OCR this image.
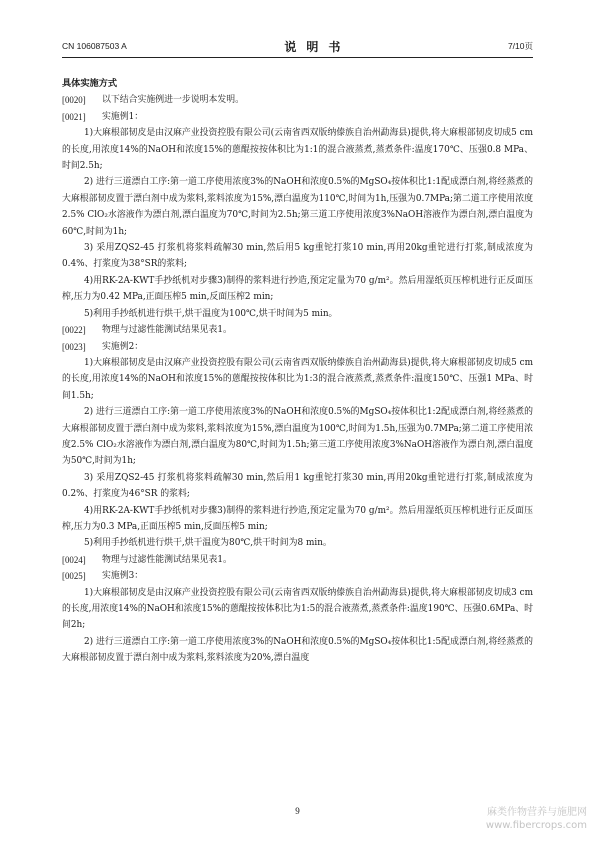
CN 106087503 A	说明书	7/10页
具体实施方式
[0020]	以下结合实施例进一步说明本发明。
[0021]	实施例1：
1)大麻根部韧皮是由汉麻产业投资控股有限公司(云南省西双版纳傣族自治州勐海县)提供,将大麻根部韧皮切成5 cm的长度,用浓度14%的NaOH和浓度15%的蒽醌按按体积比为1:1的混合液蒸煮,蒸煮条件:温度170℃、压强0.8 MPa、时间2.5h;
2) 进行三道漂白工序:第一道工序使用浓度3%的NaOH和浓度0.5%的MgSO₄按体积比1:1配成漂白剂,将经蒸煮的大麻根部韧皮置于漂白剂中成为浆料,浆料浓度为15%,漂白温度为110℃,时间为1h,压强为0.7MPa;第二道工序使用浓度2.5% ClO₂水溶液作为漂白剂,漂白温度为70℃,时间为2.5h;第三道工序使用浓度3%NaOH溶液作为漂白剂,漂白温度为60℃,时间为1h;
3) 采用ZQS2-45 打浆机将浆料疏解30 min,然后用5 kg重铊打浆10 min,再用20kg重铊进行打浆,制成浓度为0.4%、打浆度为38°SR的浆料;
4)用RK-2A-KWT手抄纸机对步骤3)制得的浆料进行抄造,预定定量为70 g/m²。然后用湿纸页压榨机进行正反面压榨,压力为0.42 MPa,正面压榨5 min,反面压榨2 min;
5)利用手抄纸机进行烘干,烘干温度为100℃,烘干时间为5 min。
[0022]	物理与过滤性能测试结果见表1。
[0023]	实施例2：
1)大麻根部韧皮是由汉麻产业投资控股有限公司(云南省西双版纳傣族自治州勐海县)提供,将大麻根部韧皮切成5 cm的长度,用浓度14%的NaOH和浓度15%的蒽醌按按体积比为1:3的混合液蒸煮,蒸煮条件:温度150℃、压强1 MPa、时间1.5h;
2) 进行三道漂白工序:第一道工序使用浓度3%的NaOH和浓度0.5%的MgSO₄按体积比1:2配成漂白剂,将经蒸煮的大麻根部韧皮置于漂白剂中成为浆料,浆料浓度为15%,漂白温度为100℃,时间为1.5h,压强为0.7MPa;第二道工序使用浓度2.5% ClO₂水溶液作为漂白剂,漂白温度为80℃,时间为1.5h;第三道工序使用浓度3%NaOH溶液作为漂白剂,漂白温度为50℃,时间为1h;
3) 采用ZQS2-45 打浆机将浆料疏解30 min,然后用1 kg重铊打浆30 min,再用20kg重铊进行打浆,制成浓度为0.2%、打浆度为46°SR 的浆料;
4)用RK-2A-KWT手抄纸机对步骤3)制得的浆料进行抄造,预定定量为70 g/m²。然后用湿纸页压榨机进行正反面压榨,压力为0.3 MPa,正面压榨5 min,反面压榨5 min;
5)利用手抄纸机进行烘干,烘干温度为80℃,烘干时间为8 min。
[0024]	物理与过滤性能测试结果见表1。
[0025]	实施例3：
1)大麻根部韧皮是由汉麻产业投资控股有限公司(云南省西双版纳傣族自治州勐海县)提供,将大麻根部韧皮切成3 cm的长度,用浓度14%的NaOH和浓度15%的蒽醌按按体积比为1:5的混合液蒸煮,蒸煮条件:温度190℃、压强0.6MPa、时间2h;
2) 进行三道漂白工序:第一道工序使用浓度3%的NaOH和浓度0.5%的MgSO₄按体积比1:5配成漂白剂,将经蒸煮的大麻根部韧皮置于漂白剂中成为浆料,浆料浓度为20%,漂白温度
9	麻类作物营养与施肥网
www.fibercrops.com
